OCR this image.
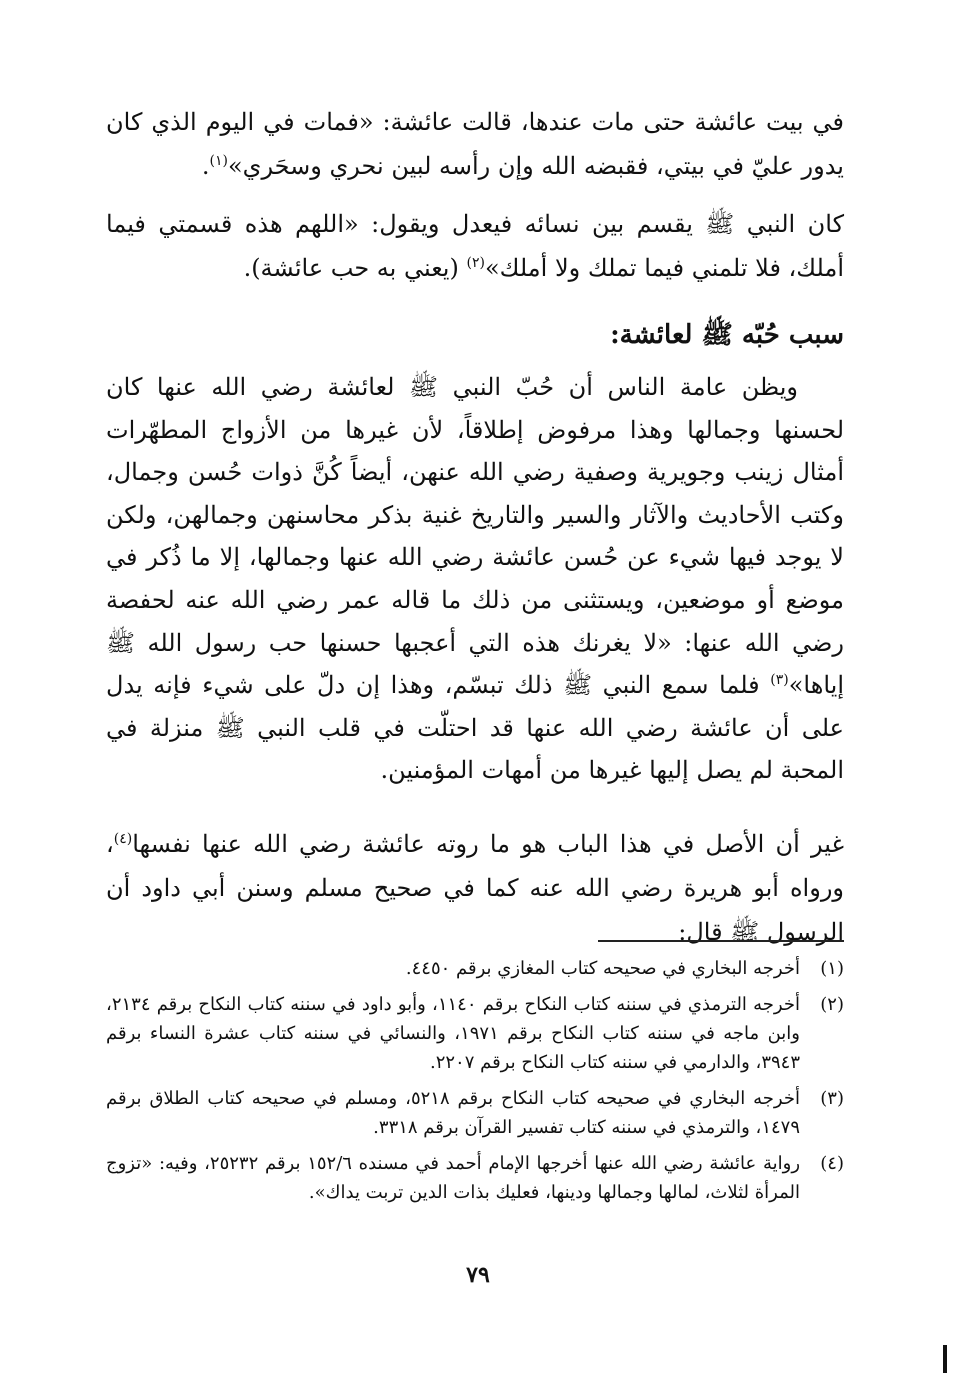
في بيت عائشة حتى مات عندها، قالت عائشة: «فمات في اليوم الذي كان يدور عليّ في بيتي، فقبضه الله وإن رأسه لبين نحري وسحَري»$^{(١)}$.

كان النبي ﷺ يقسم بين نسائه فيعدل ويقول: «اللهم هذه قسمتي فيما أملك، فلا تلمني فيما تملك ولا أملك»$^{(٢)}$ (يعني به حب عائشة).

سبب حُبّه ﷺ لعائشة:

ويظن عامة الناس أن حُبّ النبي ﷺ لعائشة رضي الله عنها كان لحسنها وجمالها وهذا مرفوض إطلاقاً، لأن غيرها من الأزواج المطهّرات أمثال زينب وجويرية وصفية رضي الله عنهن، أيضاً كُنَّ ذوات حُسن وجمال، وكتب الأحاديث والآثار والسير والتاريخ غنية بذكر محاسنهن وجمالهن، ولكن لا يوجد فيها شيء عن حُسن عائشة رضي الله عنها وجمالها، إلا ما ذُكر في موضع أو موضعين، ويستثنى من ذلك ما قاله عمر رضي الله عنه لحفصة رضي الله عنها: «لا يغرنك هذه التي أعجبها حسنها حب رسول الله ﷺ إياها»$^{(٣)}$ فلما سمع النبي ﷺ ذلك تبسّم، وهذا إن دلّ على شيء فإنه يدل على أن عائشة رضي الله عنها قد احتلّت في قلب النبي ﷺ منزلة في المحبة لم يصل إليها غيرها من أمهات المؤمنين.

غير أن الأصل في هذا الباب هو ما روته عائشة رضي الله عنها نفسها$^{(٤)}$، ورواه أبو هريرة رضي الله عنه كما في صحيح مسلم وسنن أبي داود أن الرسول ﷺ قال:

(١)
أخرجه البخاري في صحيحه كتاب المغازي برقم ٤٤٥٠.
(٢)
أخرجه الترمذي في سننه كتاب النكاح برقم ١١٤٠، وأبو داود في سننه كتاب النكاح برقم ٢١٣٤، وابن ماجه في سننه كتاب النكاح برقم ١٩٧١، والنسائي في سننه كتاب عشرة النساء برقم ٣٩٤٣، والدارمي في سننه كتاب النكاح برقم ٢٢٠٧.
(٣)
أخرجه البخاري في صحيحه كتاب النكاح برقم ٥٢١٨، ومسلم في صحيحه كتاب الطلاق برقم ١٤٧٩، والترمذي في سننه كتاب تفسير القرآن برقم ٣٣١٨.
(٤)
رواية عائشة رضي الله عنها أخرجها الإمام أحمد في مسنده ١٥٢/٦ برقم ٢٥٢٣٢، وفيه: «تزوج المرأة لثلاث، لمالها وجمالها ودينها، فعليك بذات الدين تربت يداك».
٧٩
